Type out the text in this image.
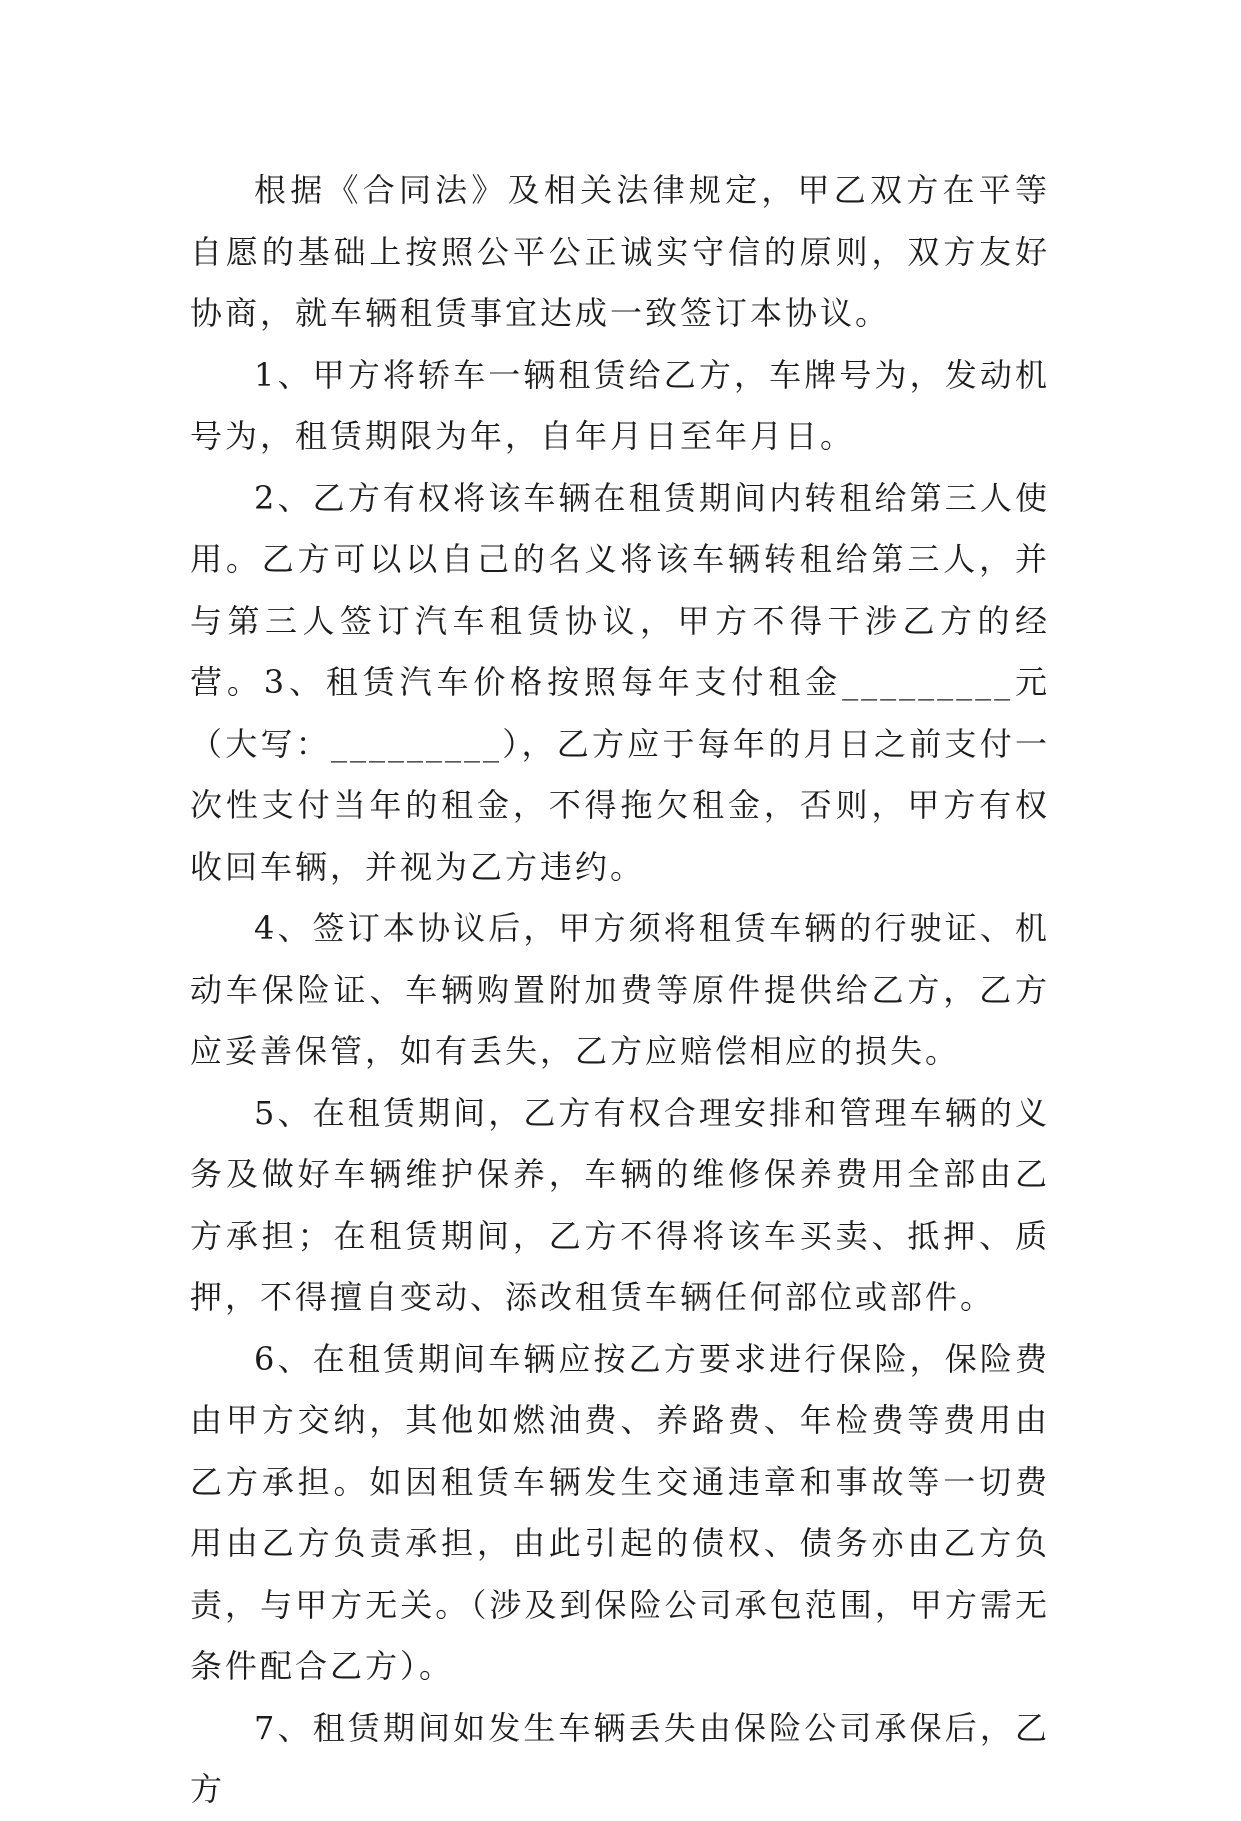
根据《合同法》及相关法律规定，甲乙双方在平等自愿的基础上按照公平公正诚实守信的原则，双方友好协商，就车辆租赁事宜达成一致签订本协议。

1、甲方将轿车一辆租赁给乙方，车牌号为，发动机号为，租赁期限为年，自年月日至年月日。

2、乙方有权将该车辆在租赁期间内转租给第三人使用。乙方可以以自己的名义将该车辆转租给第三人，并与第三人签订汽车租赁协议，甲方不得干涉乙方的经营。3、租赁汽车价格按照每年支付租金_________元（大写：_________），乙方应于每年的月日之前支付一次性支付当年的租金，不得拖欠租金，否则，甲方有权收回车辆，并视为乙方违约。

4、签订本协议后，甲方须将租赁车辆的行驶证、机动车保险证、车辆购置附加费等原件提供给乙方，乙方应妥善保管，如有丢失，乙方应赔偿相应的损失。

5、在租赁期间，乙方有权合理安排和管理车辆的义务及做好车辆维护保养，车辆的维修保养费用全部由乙方承担；在租赁期间，乙方不得将该车买卖、抵押、质押，不得擅自变动、添改租赁车辆任何部位或部件。

6、在租赁期间车辆应按乙方要求进行保险，保险费由甲方交纳，其他如燃油费、养路费、年检费等费用由乙方承担。如因租赁车辆发生交通违章和事故等一切费用由乙方负责承担，由此引起的债权、债务亦由乙方负责，与甲方无关。（涉及到保险公司承包范围，甲方需无条件配合乙方）。

7、租赁期间如发生车辆丢失由保险公司承保后，乙方
